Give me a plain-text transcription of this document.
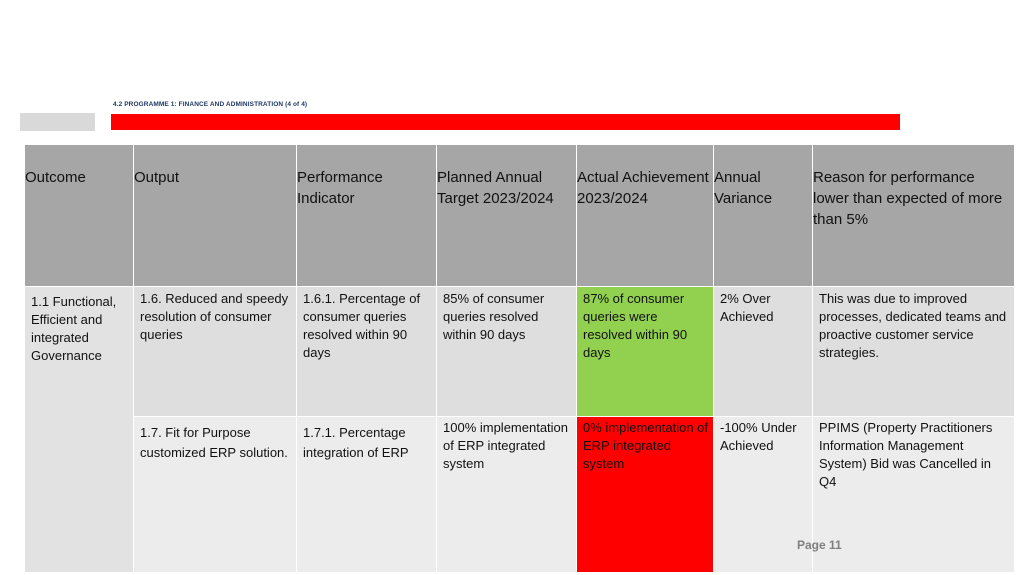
4.2 PROGRAMME 1: FINANCE AND ADMINISTRATION (4 of 4)
Outcome	Output	Performance Indicator	Planned Annual Target 2023/2024	Actual Achievement 2023/2024	Annual Variance	Reason for performance lower than expected of more than 5%
1.1 Functional, Efficient and integrated Governance	1.6. Reduced and speedy resolution of consumer queries	1.6.1. Percentage of consumer queries resolved within 90 days	85% of consumer queries resolved within 90 days	87% of consumer queries were resolved within 90 days	2% Over Achieved	This was due to improved processes, dedicated teams and proactive customer service strategies.

	1.7. Fit for Purpose customized ERP solution.	1.7.1. Percentage integration of ERP	100% implementation of ERP integrated system	0% implementation of ERP integrated system	-100% Under Achieved	PPIMS (Property Practitioners Information Management System) Bid was Cancelled in Q4
Page 11
